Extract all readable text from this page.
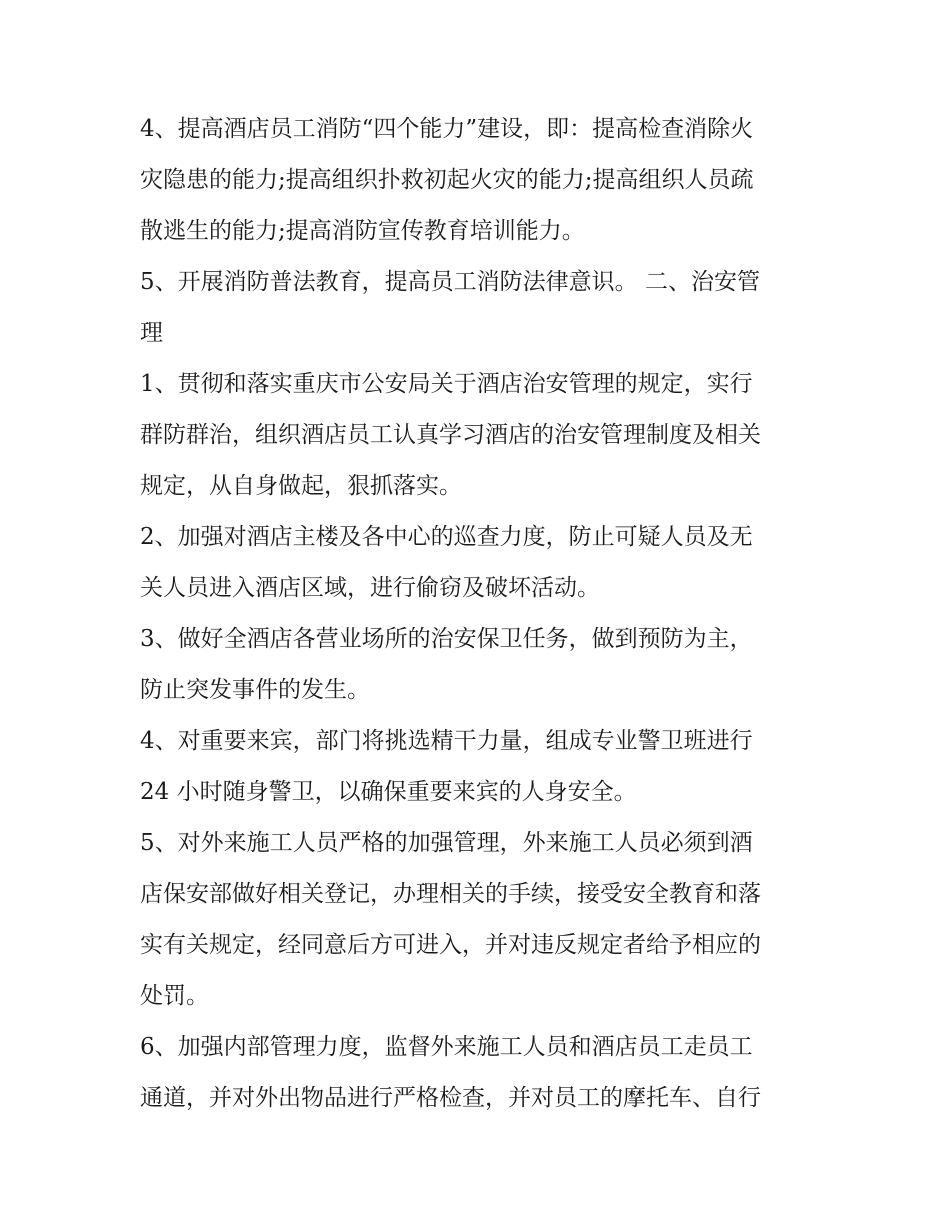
4、提高酒店员工消防“四个能力”建设，即：提高检查消除火
灾隐患的能力;提高组织扑救初起火灾的能力;提高组织人员疏
散逃生的能力;提高消防宣传教育培训能力。
5、开展消防普法教育，提高员工消防法律意识。 二、治安管
理
1、贯彻和落实重庆市公安局关于酒店治安管理的规定，实行
群防群治，组织酒店员工认真学习酒店的治安管理制度及相关
规定，从自身做起，狠抓落实。
2、加强对酒店主楼及各中心的巡查力度，防止可疑人员及无
关人员进入酒店区域，进行偷窃及破坏活动。
3、做好全酒店各营业场所的治安保卫任务，做到预防为主，
防止突发事件的发生。
4、对重要来宾，部门将挑选精干力量，组成专业警卫班进行
24 小时随身警卫，以确保重要来宾的人身安全。
5、对外来施工人员严格的加强管理，外来施工人员必须到酒
店保安部做好相关登记，办理相关的手续，接受安全教育和落
实有关规定，经同意后方可进入，并对违反规定者给予相应的
处罚。
6、加强内部管理力度，监督外来施工人员和酒店员工走员工
通道，并对外出物品进行严格检查，并对员工的摩托车、自行
